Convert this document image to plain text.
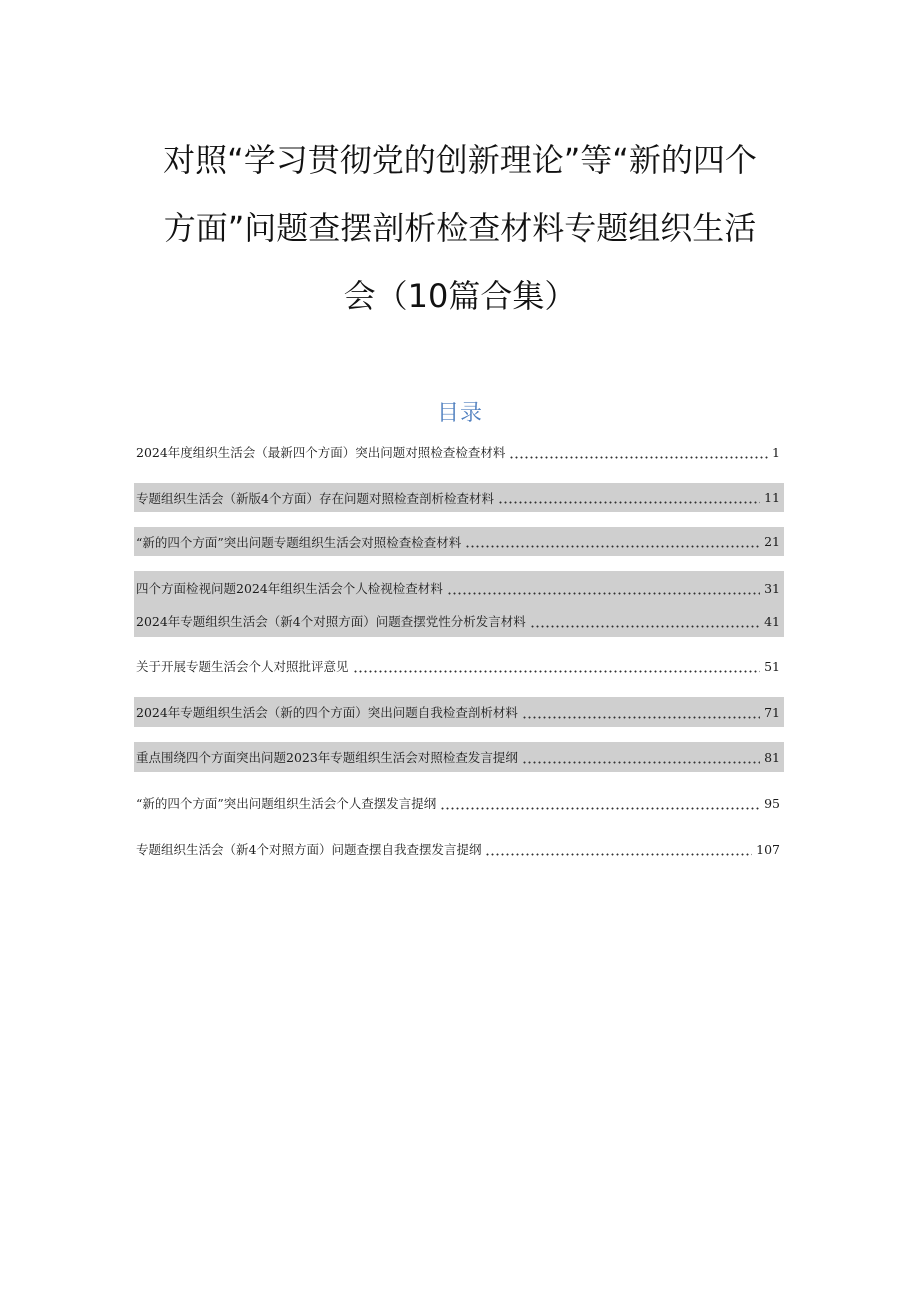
对照“学习贯彻党的创新理论”等“新的四个
方面”问题查摆剖析检查材料专题组织生活
会（10篇合集）
目录
2024年度组织生活会（最新四个方面）突出问题对照检查检查材料	1
专题组织生活会（新版4个方面）存在问题对照检查剖析检查材料	11
“新的四个方面”突出问题专题组织生活会对照检查检查材料	21
四个方面检视问题2024年组织生活会个人检视检查材料	31
2024年专题组织生活会（新4个对照方面）问题查摆党性分析发言材料	41
关于开展专题生活会个人对照批评意见	51
2024年专题组织生活会（新的四个方面）突出问题自我检查剖析材料	71
重点围绕四个方面突出问题2023年专题组织生活会对照检查发言提纲	81
“新的四个方面”突出问题组织生活会个人查摆发言提纲	95
专题组织生活会（新4个对照方面）问题查摆自我查摆发言提纲	107
